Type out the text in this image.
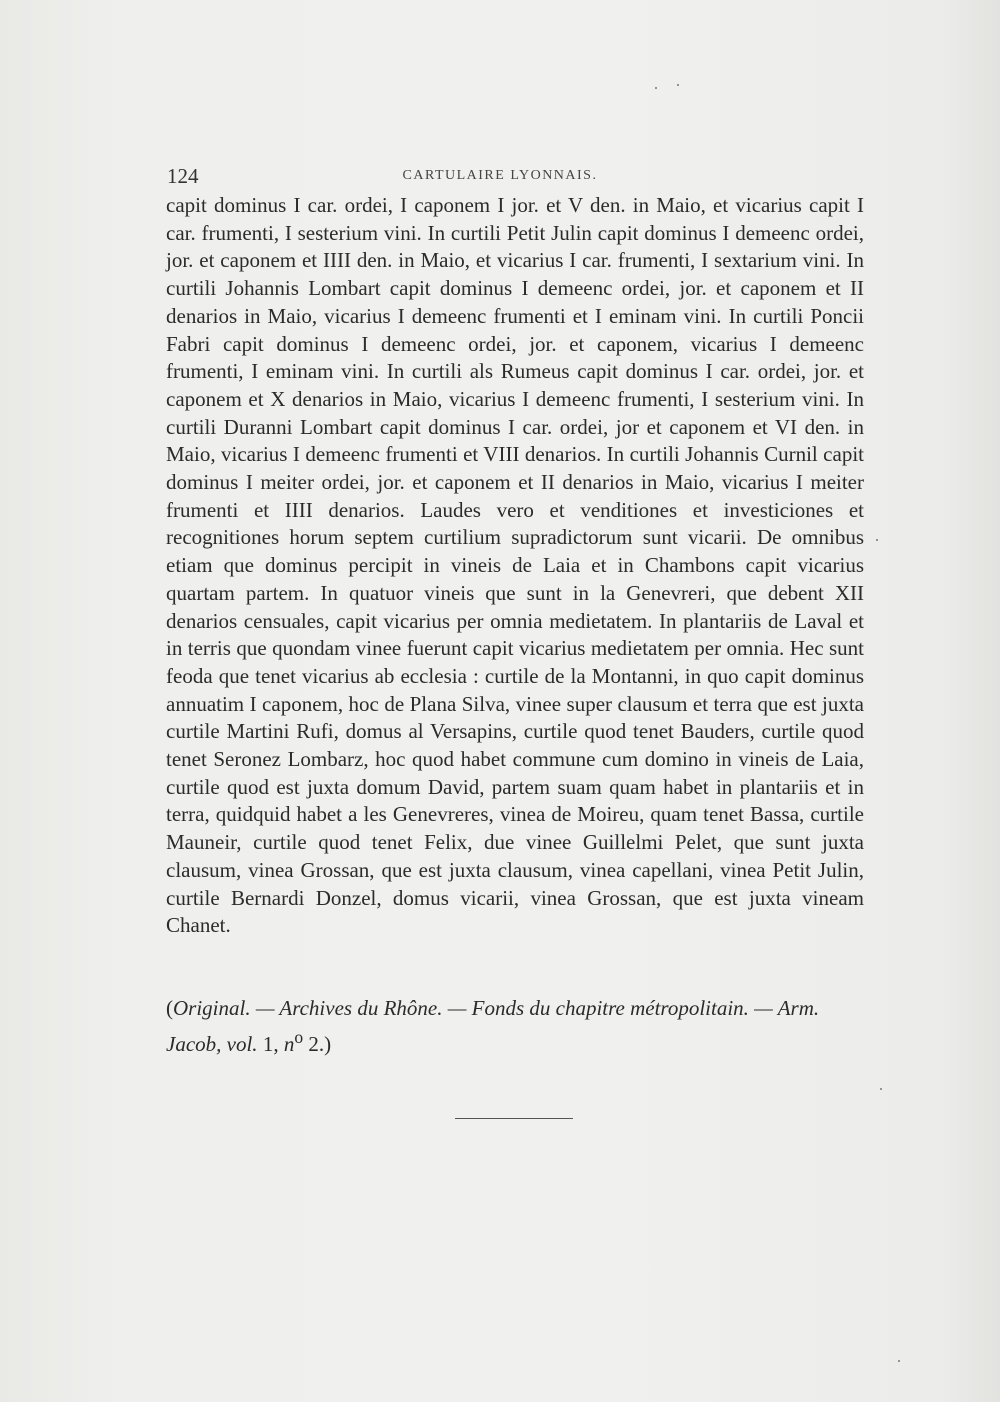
124	CARTULAIRE LYONNAIS.

capit dominus I car. ordei, I caponem I jor. et V den. in Maio, et vicarius capit I car. frumenti, I sesterium vini. In curtili Petit Julin capit dominus I demeenc ordei, jor. et caponem et IIII den. in Maio, et vicarius I car. frumenti, I sextarium vini. In curtili Johannis Lombart capit dominus I demeenc ordei, jor. et caponem et II denarios in Maio, vicarius I demeenc frumenti et I eminam vini. In curtili Poncii Fabri capit dominus I demeenc ordei, jor. et caponem, vicarius I demeenc frumenti, I eminam vini. In curtili als Rumeus capit dominus I car. ordei, jor. et caponem et X denarios in Maio, vicarius I demeenc frumenti, I sesterium vini. In curtili Duranni Lombart capit dominus I car. ordei, jor et caponem et VI den. in Maio, vicarius I demeenc frumenti et VIII denarios. In curtili Johannis Curnil capit dominus I meiter ordei, jor. et caponem et II denarios in Maio, vicarius I meiter frumenti et IIII denarios. Laudes vero et venditiones et investiciones et recognitiones horum septem curtilium supradictorum sunt vicarii. De omnibus etiam que dominus percipit in vineis de Laia et in Chambons capit vicarius quartam partem. In quatuor vineis que sunt in la Genevreri, que debent XII denarios censuales, capit vicarius per omnia medietatem. In plantariis de Laval et in terris que quondam vinee fuerunt capit vicarius medietatem per omnia. Hec sunt feoda que tenet vicarius ab ecclesia : curtile de la Montanni, in quo capit dominus annuatim I caponem, hoc de Plana Silva, vinee super clausum et terra que est juxta curtile Martini Rufi, domus al Versapins, curtile quod tenet Bauders, curtile quod tenet Seronez Lombarz, hoc quod habet commune cum domino in vineis de Laia, curtile quod est juxta domum David, partem suam quam habet in plantariis et in terra, quidquid habet a les Genevreres, vinea de Moireu, quam tenet Bassa, curtile Mauneir, curtile quod tenet Felix, due vinee Guillelmi Pelet, que sunt juxta clausum, vinea Grossan, que est juxta clausum, vinea capellani, vinea Petit Julin, curtile Bernardi Donzel, domus vicarii, vinea Grossan, que est juxta vineam Chanet.

(Original. — Archives du Rhône. — Fonds du chapitre métropolitain. — Arm. Jacob, vol. 1, $n^o$ 2.)
